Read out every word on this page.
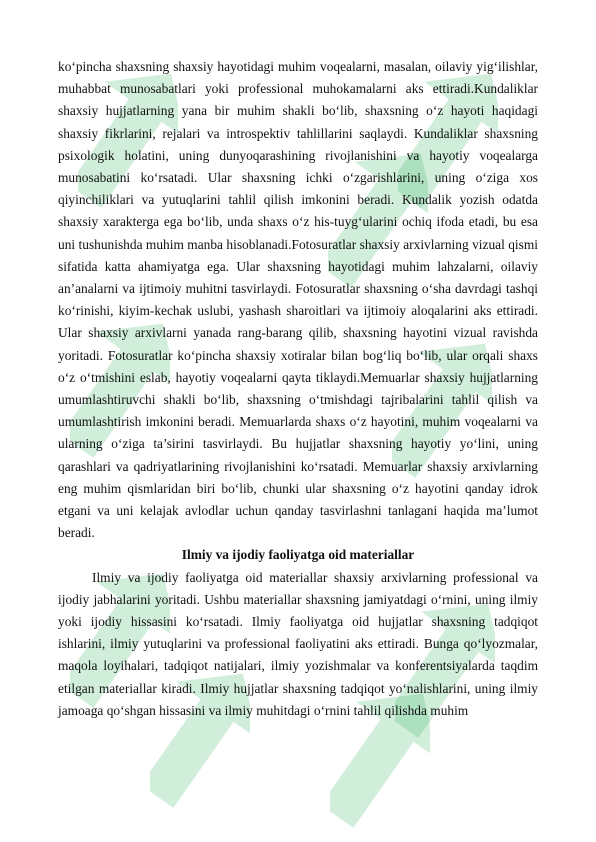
ko‘pincha shaxsning shaxsiy hayotidagi muhim voqealarni, masalan, oilaviy yig‘ilishlar, muhabbat munosabatlari yoki professional muhokamalarni aks ettiradi.Kundaliklar shaxsiy hujjatlarning yana bir muhim shakli bo‘lib, shaxsning o‘z hayoti haqidagi shaxsiy fikrlarini, rejalari va introspektiv tahlillarini saqlaydi. Kundaliklar shaxsning psixologik holatini, uning dunyoqarashining rivojlanishini va hayotiy voqealarga munosabatini ko‘rsatadi. Ular shaxsning ichki o‘zgarishlarini, uning o‘ziga xos qiyinchiliklari va yutuqlarini tahlil qilish imkonini beradi. Kundalik yozish odatda shaxsiy xarakterga ega bo‘lib, unda shaxs o‘z his-tuyg‘ularini ochiq ifoda etadi, bu esa uni tushunishda muhim manba hisoblanadi.Fotosuratlar shaxsiy arxivlarning vizual qismi sifatida katta ahamiyatga ega. Ular shaxsning hayotidagi muhim lahzalarni, oilaviy an’analarni va ijtimoiy muhitni tasvirlaydi. Fotosuratlar shaxsning o‘sha davrdagi tashqi ko‘rinishi, kiyim-kechak uslubi, yashash sharoitlari va ijtimoiy aloqalarini aks ettiradi. Ular shaxsiy arxivlarni yanada rang-barang qilib, shaxsning hayotini vizual ravishda yoritadi. Fotosuratlar ko‘pincha shaxsiy xotiralar bilan bog‘liq bo‘lib, ular orqali shaxs o‘z o‘tmishini eslab, hayotiy voqealarni qayta tiklaydi.Memuarlar shaxsiy hujjatlarning umumlashtiruvchi shakli bo‘lib, shaxsning o‘tmishdagi tajribalarini tahlil qilish va umumlashtirish imkonini beradi. Memuarlarda shaxs o‘z hayotini, muhim voqealarni va ularning o‘ziga ta’sirini tasvirlaydi. Bu hujjatlar shaxsning hayotiy yo‘lini, uning qarashlari va qadriyatlarining rivojlanishini ko‘rsatadi. Memuarlar shaxsiy arxivlarning eng muhim qismlaridan biri bo‘lib, chunki ular shaxsning o‘z hayotini qanday idrok etgani va uni kelajak avlodlar uchun qanday tasvirlashni tanlagani haqida ma’lumot beradi.

Ilmiy va ijodiy faoliyatga oid materiallar

Ilmiy va ijodiy faoliyatga oid materiallar shaxsiy arxivlarning professional va ijodiy jabhalarini yoritadi. Ushbu materiallar shaxsning jamiyatdagi o‘rnini, uning ilmiy yoki ijodiy hissasini ko‘rsatadi. Ilmiy faoliyatga oid hujjatlar shaxsning tadqiqot ishlarini, ilmiy yutuqlarini va professional faoliyatini aks ettiradi. Bunga qo‘lyozmalar, maqola loyihalari, tadqiqot natijalari, ilmiy yozishmalar va konferentsiyalarda taqdim etilgan materiallar kiradi. Ilmiy hujjatlar shaxsning tadqiqot yo‘nalishlarini, uning ilmiy jamoaga qo‘shgan hissasini va ilmiy muhitdagi o‘rnini tahlil qilishda muhim
